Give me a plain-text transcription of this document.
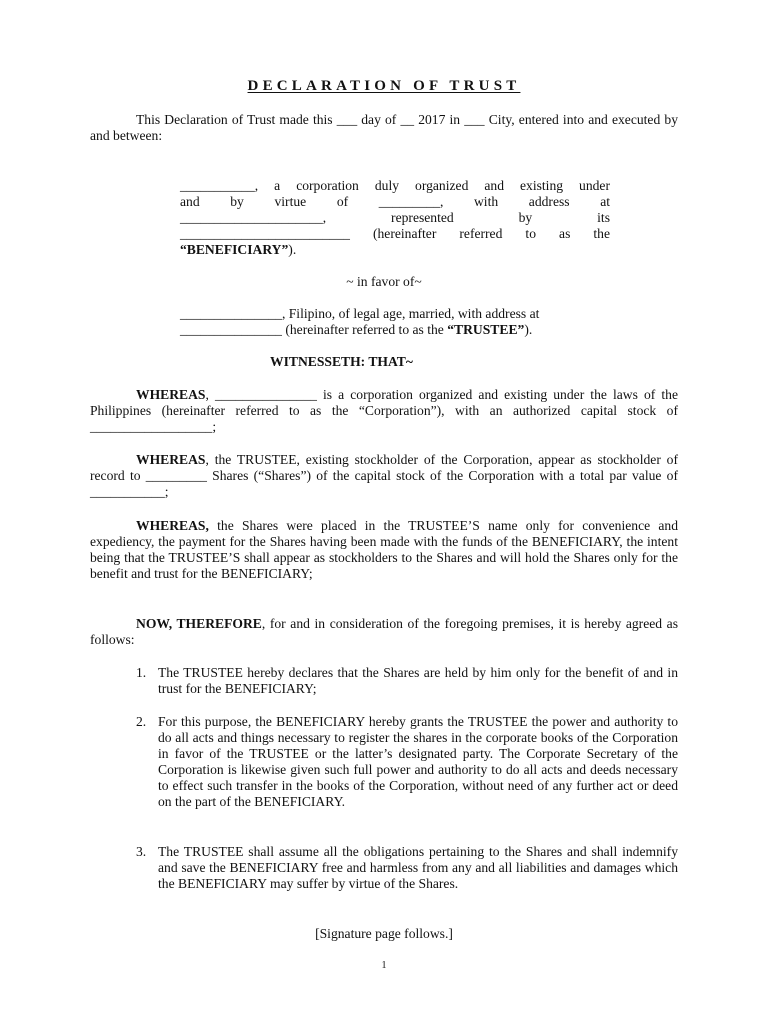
DECLARATION OF TRUST

This Declaration of Trust made this ___ day of __ 2017 in ___ City, entered into and executed by and between:

___________, a corporation duly organized and existing under
and by virtue of _________, with address at
_____________________, represented by its
_________________________ (hereinafter referred to as the
“BENEFICIARY”).

~ in favor of~

_______________, Filipino, of legal age, married, with address at
_______________ (hereinafter referred to as the “TRUSTEE”).

WITNESSETH: THAT~

WHEREAS, _______________ is a corporation organized and existing under the laws of the Philippines (hereinafter referred to as the “Corporation”), with an authorized capital stock of __________________;

WHEREAS, the TRUSTEE, existing stockholder of the Corporation, appear as stockholder of record to _________ Shares (“Shares”) of the capital stock of the Corporation with a total par value of ___________;

WHEREAS, the Shares were placed in the TRUSTEE’S name only for convenience and expediency, the payment for the Shares having been made with the funds of the BENEFICIARY, the intent being that the TRUSTEE’S shall appear as stockholders to the Shares and will hold the Shares only for the benefit and trust for the BENEFICIARY;

NOW, THEREFORE, for and in consideration of the foregoing premises, it is hereby agreed as follows:

1. The TRUSTEE hereby declares that the Shares are held by him only for the benefit of and in trust for the BENEFICIARY;
2. For this purpose, the BENEFICIARY hereby grants the TRUSTEE the power and authority to do all acts and things necessary to register the shares in the corporate books of the Corporation in favor of the TRUSTEE or the latter’s designated party. The Corporate Secretary of the Corporation is likewise given such full power and authority to do all acts and deeds necessary to effect such transfer in the books of the Corporation, without need of any further act or deed on the part of the BENEFICIARY.
3. The TRUSTEE shall assume all the obligations pertaining to the Shares and shall indemnify and save the BENEFICIARY free and harmless from any and all liabilities and damages which the BENEFICIARY may suffer by virtue of the Shares.

[Signature page follows.]

1
